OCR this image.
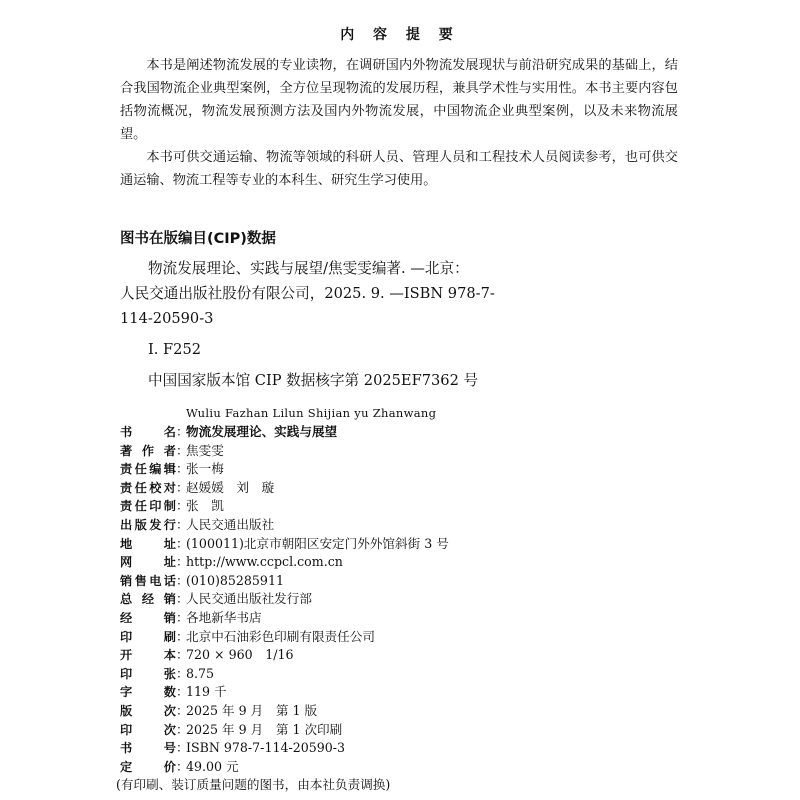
内 容 提 要

本书是阐述物流发展的专业读物，在调研国内外物流发展现状与前沿研究成果的基础上，结合我国物流企业典型案例，全方位呈现物流的发展历程，兼具学术性与实用性。本书主要内容包括物流概况，物流发展预测方法及国内外物流发展，中国物流企业典型案例，以及未来物流展望。

本书可供交通运输、物流等领域的科研人员、管理人员和工程技术人员阅读参考，也可供交通运输、物流工程等专业的本科生、研究生学习使用。

图书在版编目(CIP)数据
物流发展理论、实践与展望/焦雯雯编著. —北京：
人民交通出版社股份有限公司，2025. 9. —ISBN 978-7-
114-20590-3
Ⅰ. F252
中国国家版本馆 CIP 数据核字第 2025EF7362 号
Wuliu Fazhan Lilun Shijian yu Zhanwang
书名：物流发展理论、实践与展望
著作者：焦雯雯
责任编辑：张一梅
责任校对：赵媛媛　刘　璇
责任印制：张　凯
出版发行：人民交通出版社
地址：(100011)北京市朝阳区安定门外外馆斜街 3 号
网址：http://www.ccpcl.com.cn
销售电话：(010)85285911
总经销：人民交通出版社发行部
经销：各地新华书店
印刷：北京中石油彩色印刷有限责任公司
开本：720 × 960　1/16
印张：8.75
字数：119 千
版次：2025 年 9 月　第 1 版
印次：2025 年 9 月　第 1 次印刷
书号：ISBN 978-7-114-20590-3
定价：49.00 元
(有印刷、装订质量问题的图书，由本社负责调换)
